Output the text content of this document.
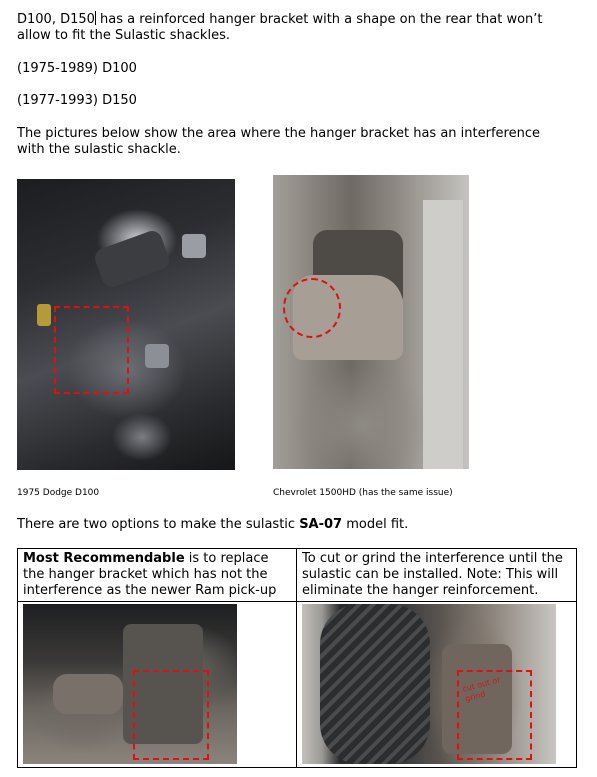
D100, D150 has a reinforced hanger bracket with a shape on the rear that won’t allow to fit the Sulastic shackles.

(1975-1989) D100

(1977-1993) D150

The pictures below show the area where the hanger bracket has an interference with the sulastic shackle.

1975 Dodge D100	Chevrolet 1500HD (has the same issue)

There are two options to make the sulastic SA-07 model fit.

Most Recommendable is to replace the hanger bracket which has not the interference as the newer Ram pick-up	To cut or grind the interference until the sulastic can be installed. Note: This will eliminate the hanger reinforcement.

	cut out or grind
